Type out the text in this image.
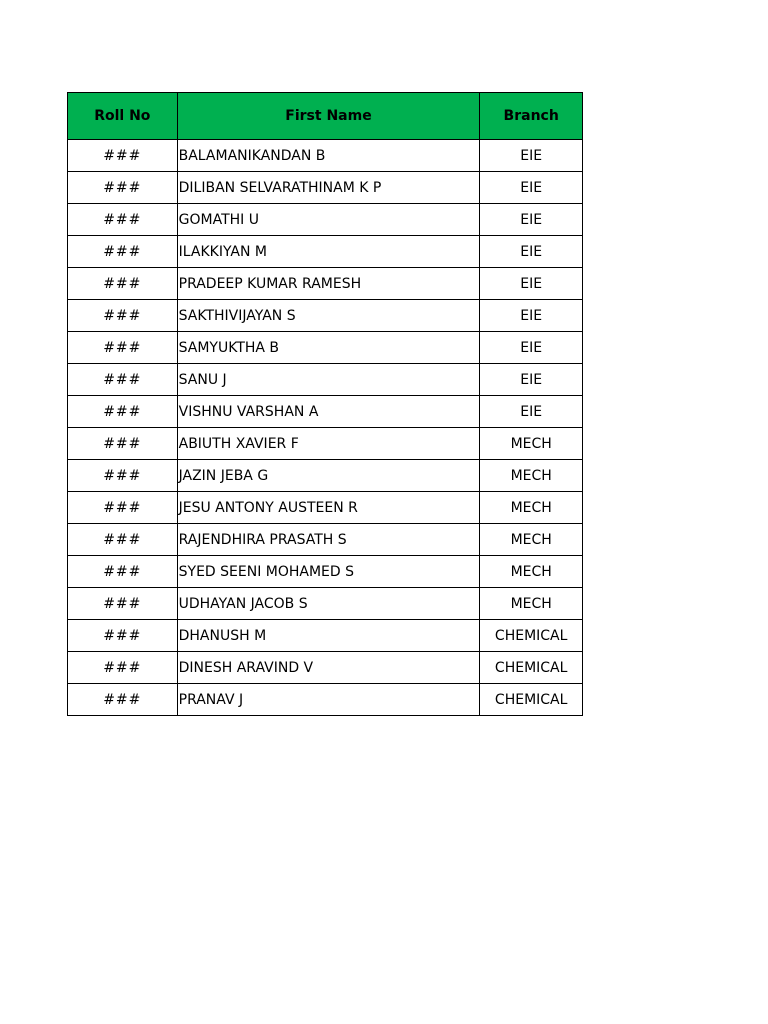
Roll No	First Name	Branch
###	BALAMANIKANDAN B	EIE
###	DILIBAN SELVARATHINAM K P	EIE
###	GOMATHI U	EIE
###	ILAKKIYAN M	EIE
###	PRADEEP KUMAR RAMESH	EIE
###	SAKTHIVIJAYAN S	EIE
###	SAMYUKTHA B	EIE
###	SANU J	EIE
###	VISHNU VARSHAN A	EIE
###	ABIUTH XAVIER F	MECH
###	JAZIN JEBA G	MECH
###	JESU ANTONY AUSTEEN R	MECH
###	RAJENDHIRA PRASATH S	MECH
###	SYED SEENI MOHAMED S	MECH
###	UDHAYAN JACOB S	MECH
###	DHANUSH M	CHEMICAL
###	DINESH ARAVIND V	CHEMICAL
###	PRANAV J	CHEMICAL
